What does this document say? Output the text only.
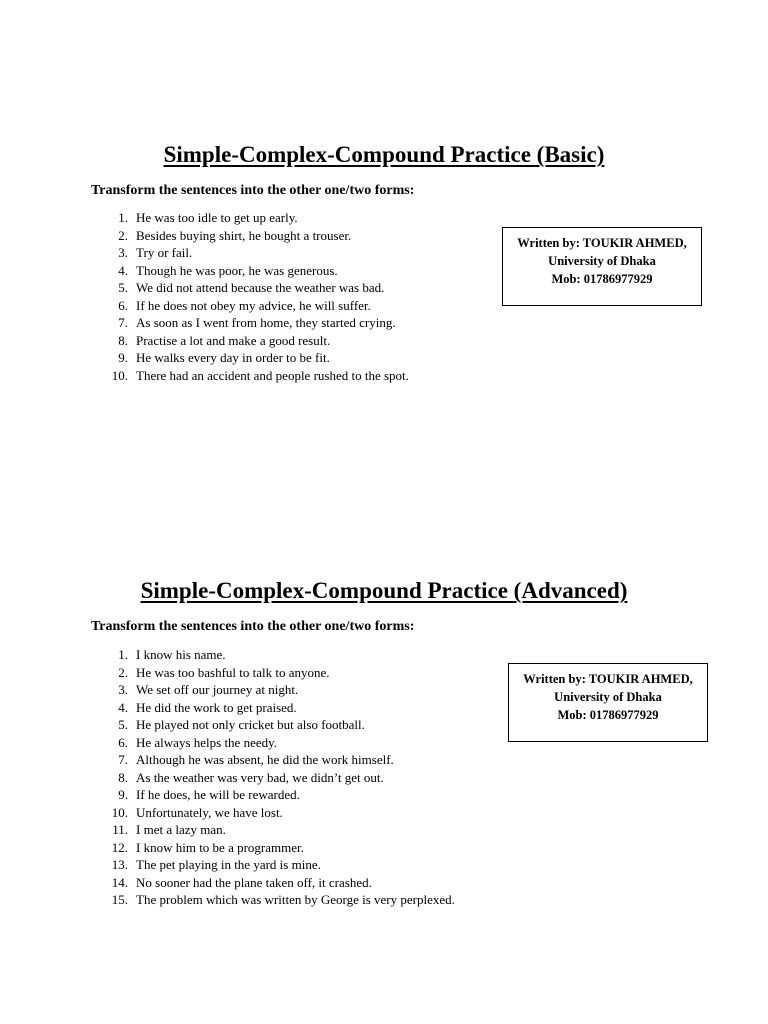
Simple-Complex-Compound Practice (Basic)

Transform the sentences into the other one/two forms:

1. He was too idle to get up early.
2. Besides buying shirt, he bought a trouser.
3. Try or fail.
4. Though he was poor, he was generous.
5. We did not attend because the weather was bad.
6. If he does not obey my advice, he will suffer.
7. As soon as I went from home, they started crying.
8. Practise a lot and make a good result.
9. He walks every day in order to be fit.
10. There had an accident and people rushed to the spot.
Written by: TOUKIR AHMED,
University of Dhaka
Mob: 01786977929
Simple-Complex-Compound Practice (Advanced)

Transform the sentences into the other one/two forms:

1. I know his name.
2. He was too bashful to talk to anyone.
3. We set off our journey at night.
4. He did the work to get praised.
5. He played not only cricket but also football.
6. He always helps the needy.
7. Although he was absent, he did the work himself.
8. As the weather was very bad, we didn’t get out.
9. If he does, he will be rewarded.
10. Unfortunately, we have lost.
11. I met a lazy man.
12. I know him to be a programmer.
13. The pet playing in the yard is mine.
14. No sooner had the plane taken off, it crashed.
15. The problem which was written by George is very perplexed.
Written by: TOUKIR AHMED,
University of Dhaka
Mob: 01786977929
